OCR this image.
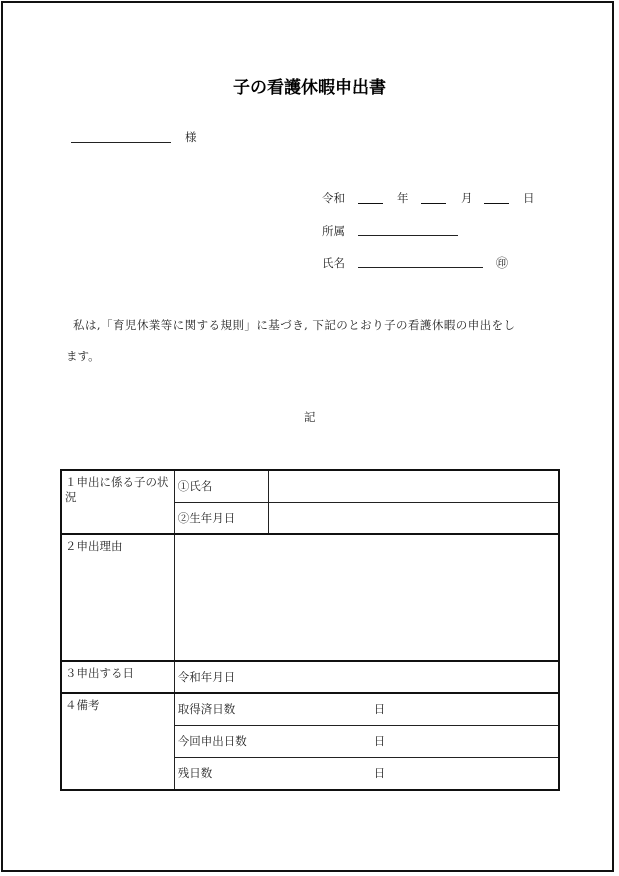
子の看護休暇申出書
様
令和	年	月	日
所属
氏名	㊞
私は,「育児休業等に関する規則」に基づき, 下記のとおり子の看護休暇の申出をし
ます。
記
１申出に係る子の状況	①氏名	
	②生年月日	
２申出理由		
３申出する日	令和年月日	
４備考	取得済日数 日	

	今回申出日数 日	

	残日数 日	
